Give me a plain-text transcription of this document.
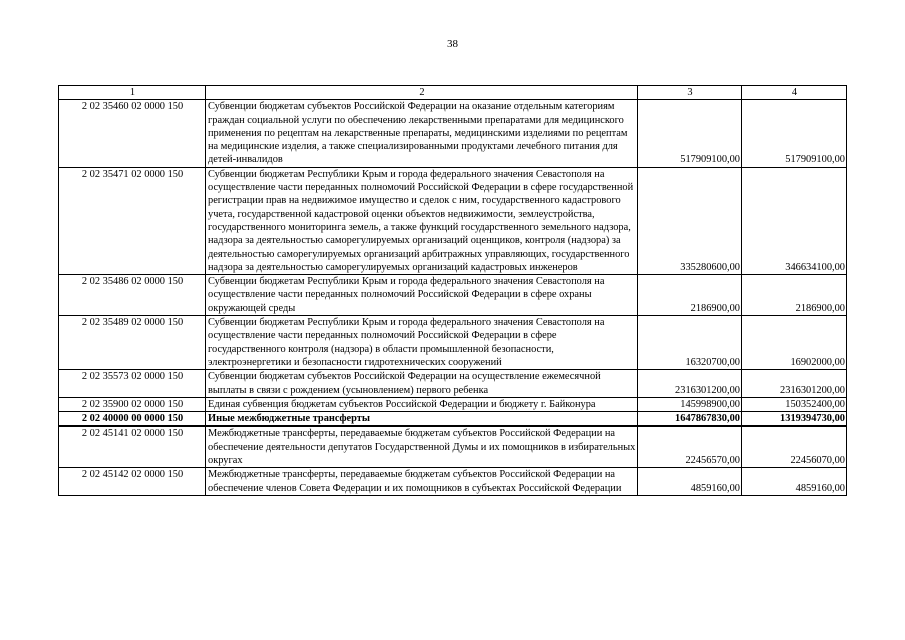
38
1	2	3	4
2 02 35460 02 0000 150	Субвенции бюджетам субъектов Российской Федерации на оказание отдельным категориям граждан социальной услуги по обеспечению лекарственными препаратами для медицинского применения по рецептам на лекарственные препараты, медицинскими изделиями по рецептам на медицинские изделия, а также специализированными продуктами лечебного питания для детей-инвалидов	517909100,00	517909100,00
2 02 35471 02 0000 150	Субвенции бюджетам Республики Крым и города федерального значения Севастополя на осуществление части переданных полномочий Российской Федерации в сфере государственной регистрации прав на недвижимое имущество и сделок с ним, государственного кадастрового учета, государственной кадастровой оценки объектов недвижимости, землеустройства, государственного мониторинга земель, а также функций государственного земельного надзора, надзора за деятельностью саморегулируемых организаций оценщиков, контроля (надзора) за деятельностью саморегулируемых организаций арбитражных управляющих, государственного надзора за деятельностью саморегулируемых организаций кадастровых инженеров	335280600,00	346634100,00
2 02 35486 02 0000 150	Субвенции бюджетам Республики Крым и города федерального значения Севастополя на осуществление части переданных полномочий Российской Федерации в сфере охраны окружающей среды	2186900,00	2186900,00
2 02 35489 02 0000 150	Субвенции бюджетам Республики Крым и города федерального значения Севастополя на осуществление части переданных полномочий Российской Федерации в сфере государственного контроля (надзора) в области промышленной безопасности, электроэнергетики и безопасности гидротехнических сооружений	16320700,00	16902000,00
2 02 35573 02 0000 150	Субвенции бюджетам субъектов Российской Федерации на осуществление ежемесячной выплаты в связи с рождением (усыновлением) первого ребенка	2316301200,00	2316301200,00
2 02 35900 02 0000 150	Единая субвенция бюджетам субъектов Российской Федерации и бюджету г. Байконура	145998900,00	150352400,00
2 02 40000 00 0000 150	Иные межбюджетные трансферты	1647867830,00	1319394730,00
2 02 45141 02 0000 150	Межбюджетные трансферты, передаваемые бюджетам субъектов Российской Федерации на обеспечение деятельности депутатов Государственной Думы и их помощников в избирательных округах	22456570,00	22456070,00
2 02 45142 02 0000 150	Межбюджетные трансферты, передаваемые бюджетам субъектов Российской Федерации на обеспечение членов Совета Федерации и их помощников в субъектах Российской Федерации	4859160,00	4859160,00
